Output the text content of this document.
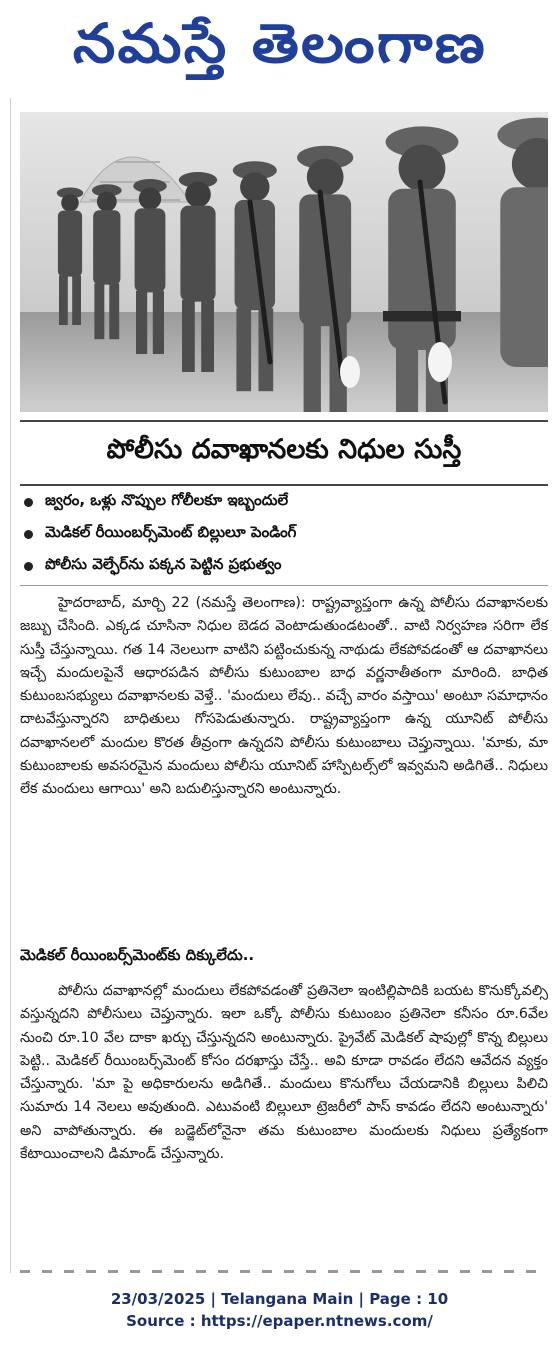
నమస్తే తెలంగాణ
పోలీసు దవాఖానలకు నిధుల సుస్తీ
జ్వరం, ఒళ్లు నొప్పుల గోలీలకూ ఇబ్బందులే
మెడికల్ రీయింబర్స్‌మెంట్ బిల్లులూ పెండింగ్
పోలీసు వెల్ఫేర్‌ను పక్కన పెట్టిన ప్రభుత్వం

హైదరాబాద్, మార్చి 22 (నమస్తే తెలంగాణ): రాష్ట్రవ్యాప్తంగా ఉన్న పోలీసు దవాఖానలకు జబ్బు చేసింది. ఎక్కడ చూసినా నిధుల బెడద వెంటాడుతుండటంతో.. వాటి నిర్వహణ సరిగా లేక సుస్తీ చేస్తున్నాయి. గత 14 నెలలుగా వాటిని పట్టించుకున్న నాథుడు లేకపోవడంతో ఆ దవాఖానలు ఇచ్చే మందులపైనే ఆధారపడిన పోలీసు కుటుంబాల బాధ వర్ణనాతీతంగా మారింది. బాధిత కుటుంబసభ్యులు దవాఖానలకు వెళ్తే.. 'మందులు లేవు.. వచ్చే వారం వస్తాయి' అంటూ సమాధానం దాటవేస్తున్నారని బాధితులు గోసపెడుతున్నారు. రాష్ట్రవ్యాప్తంగా ఉన్న యూనిట్ పోలీసు దవాఖానలలో మందుల కొరత తీవ్రంగా ఉన్నదని పోలీసు కుటుంబాలు చెప్తున్నాయి. 'మాకు, మా కుటుంబాలకు అవసరమైన మందులు పోలీసు యూనిట్ హాస్పిటల్స్‌లో ఇవ్వమని అడిగితే.. నిధులు లేక మందులు ఆగాయి' అని బదులిస్తున్నారని అంటున్నారు.

మెడికల్ రీయింబర్స్‌మెంట్‌కు దిక్కులేదు..

పోలీసు దవాఖానల్లో మందులు లేకపోవడంతో ప్రతినెలా ఇంటిల్లిపాదికి బయట కొనుక్కోవల్సి వస్తున్నదని పోలీసులు చెప్తున్నారు. ఇలా ఒక్కో పోలీసు కుటుంబం ప్రతినెలా కనీసం రూ.6వేల నుంచి రూ.10 వేల దాకా ఖర్చు చేస్తున్నదని అంటున్నారు. ప్రైవేట్ మెడికల్ షాపుల్లో కొన్న బిల్లులు పెట్టి.. మెడికల్ రీయింబర్స్‌మెంట్ కోసం దరఖాస్తు చేస్తే.. అవి కూడా రావడం లేదని ఆవేదన వ్యక్తం చేస్తున్నారు. 'మా పై అధికారులను అడిగితే.. మందులు కొనుగోలు చేయడానికి బిల్లులు పిలిచి సుమారు 14 నెలలు అవుతుంది. ఎటువంటి బిల్లులూ ట్రెజరీలో పాస్ కావడం లేదని అంటున్నారు' అని వాపోతున్నారు. ఈ బడ్జెట్‌లోనైనా తమ కుటుంబాల మందులకు నిధులు ప్రత్యేకంగా కేటాయించాలని డిమాండ్ చేస్తున్నారు.

23/03/2025 | Telangana Main | Page : 10
Source : https://epaper.ntnews.com/
